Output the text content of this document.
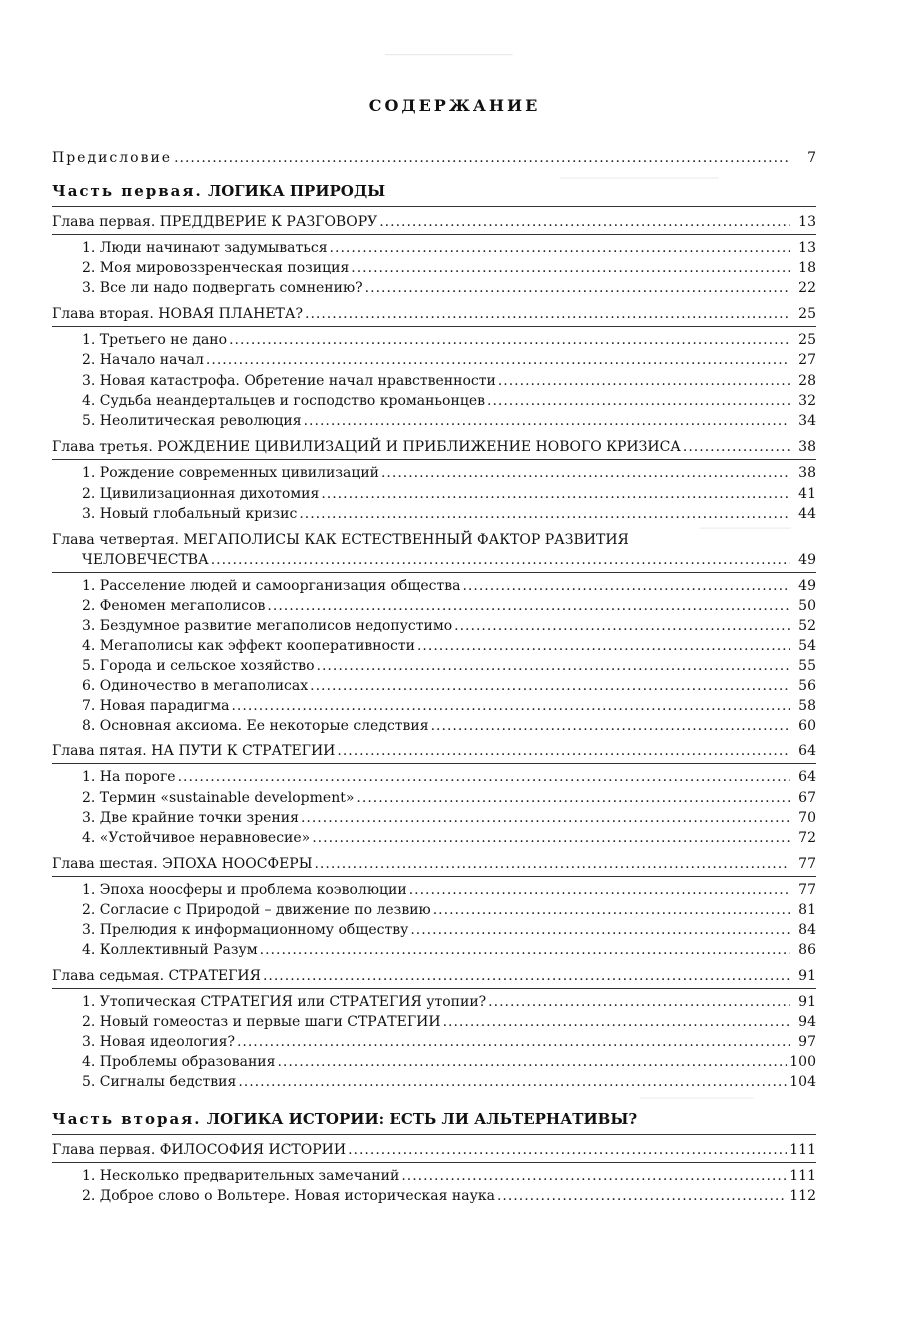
──────────
──────────────
────────
──────────
СОДЕРЖАНИЕ
Предисловие .....	7
Часть первая. ЛОГИКА ПРИРОДЫ
Глава первая. ПРЕДДВЕРИЕ К РАЗГОВОРУ .....	13
1. Люди начинают задумываться .....	13
2. Моя мировоззренческая позиция .....	18
3. Все ли надо подвергать сомнению? .....	22
Глава вторая. НОВАЯ ПЛАНЕТА? .....	25
1. Третьего не дано .....	25
2. Начало начал .....	27
3. Новая катастрофа. Обретение начал нравственности .....	28
4. Судьба неандертальцев и господство кроманьонцев .....	32
5. Неолитическая революция .....	34
Глава третья. РОЖДЕНИЕ ЦИВИЛИЗАЦИЙ И ПРИБЛИЖЕНИЕ НОВОГО КРИЗИСА .....	38
1. Рождение современных цивилизаций .....	38
2. Цивилизационная дихотомия .....	41
3. Новый глобальный кризис .....	44
Глава четвертая. МЕГАПОЛИСЫ КАК ЕСТЕСТВЕННЫЙ ФАКТОР РАЗВИТИЯ
ЧЕЛОВЕЧЕСТВА .....	49
1. Расселение людей и самоорганизация общества .....	49
2. Феномен мегаполисов .....	50
3. Бездумное развитие мегаполисов недопустимо .....	52
4. Мегаполисы как эффект кооперативности .....	54
5. Города и сельское хозяйство .....	55
6. Одиночество в мегаполисах .....	56
7. Новая парадигма .....	58
8. Основная аксиома. Ее некоторые следствия .....	60
Глава пятая. НА ПУТИ К СТРАТЕГИИ .....	64
1. На пороге .....	64
2. Термин «sustainable development» .....	67
3. Две крайние точки зрения .....	70
4. «Устойчивое неравновесие» .....	72
Глава шестая. ЭПОХА НООСФЕРЫ .....	77
1. Эпоха ноосферы и проблема коэволюции .....	77
2. Согласие с Природой – движение по лезвию .....	81
3. Прелюдия к информационному обществу .....	84
4. Коллективный Разум .....	86
Глава седьмая. СТРАТЕГИЯ .....	91
1. Утопическая СТРАТЕГИЯ или СТРАТЕГИЯ утопии? .....	91
2. Новый гомеостаз и первые шаги СТРАТЕГИИ .....	94
3. Новая идеология? .....	97
4. Проблемы образования .....	100
5. Сигналы бедствия .....	104
Часть вторая. ЛОГИКА ИСТОРИИ: ЕСТЬ ЛИ АЛЬТЕРНАТИВЫ?
Глава первая. ФИЛОСОФИЯ ИСТОРИИ .....	111
1. Несколько предварительных замечаний .....	111
2. Доброе слово о Вольтере. Новая историческая наука .....	112
